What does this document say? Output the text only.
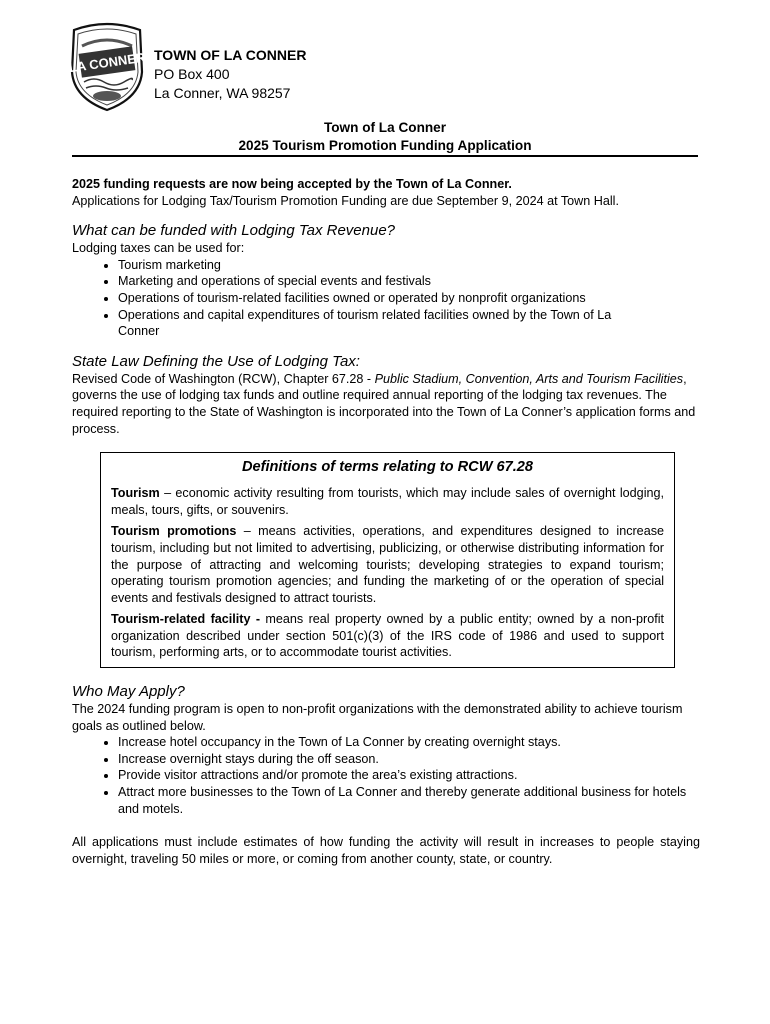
LA CONNER TOWN OF LA CONNER
PO Box 400
La Conner, WA 98257
Town of La Conner
2025 Tourism Promotion Funding Application

2025 funding requests are now being accepted by the Town of La Conner.

Applications for Lodging Tax/Tourism Promotion Funding are due September 9, 2024 at Town Hall.

What can be funded with Lodging Tax Revenue?

Lodging taxes can be used for:

• Tourism marketing
• Marketing and operations of special events and festivals
• Operations of tourism-related facilities owned or operated by nonprofit organizations
• Operations and capital expenditures of tourism related facilities owned by the Town of La Conner
State Law Defining the Use of Lodging Tax:

Revised Code of Washington (RCW), Chapter 67.28 - Public Stadium, Convention, Arts and Tourism Facilities, governs the use of lodging tax funds and outline required annual reporting of the lodging tax revenues. The required reporting to the State of Washington is incorporated into the Town of La Conner’s application forms and process.

Definitions of terms relating to RCW 67.28

Tourism – economic activity resulting from tourists, which may include sales of overnight lodging, meals, tours, gifts, or souvenirs.

Tourism promotions – means activities, operations, and expenditures designed to increase tourism, including but not limited to advertising, publicizing, or otherwise distributing information for the purpose of attracting and welcoming tourists; developing strategies to expand tourism; operating tourism promotion agencies; and funding the marketing of or the operation of special events and festivals designed to attract tourists.

Tourism-related facility - means real property owned by a public entity; owned by a non-profit organization described under section 501(c)(3) of the IRS code of 1986 and used to support tourism, performing arts, or to accommodate tourist activities.

Who May Apply?

The 2024 funding program is open to non-profit organizations with the demonstrated ability to achieve tourism goals as outlined below.

• Increase hotel occupancy in the Town of La Conner by creating overnight stays.
• Increase overnight stays during the off season.
• Provide visitor attractions and/or promote the area’s existing attractions.
• Attract more businesses to the Town of La Conner and thereby generate additional business for hotels and motels.

All applications must include estimates of how funding the activity will result in increases to people staying overnight, traveling 50 miles or more, or coming from another county, state, or country.
